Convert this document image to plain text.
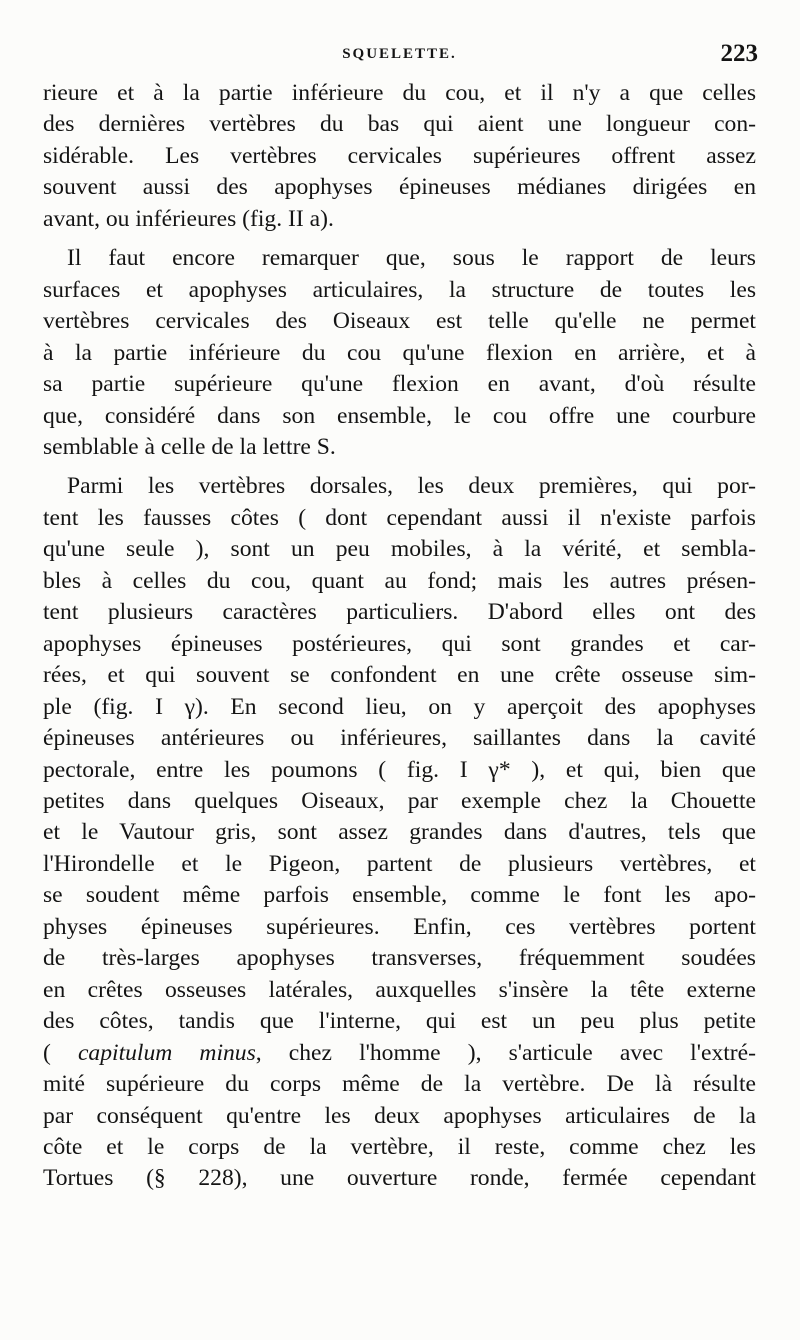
SQUELETTE.	223
rieure et à la partie inférieure du cou, et il n'y a que celles
des dernières vertèbres du bas qui aient une longueur con-
sidérable. Les vertèbres cervicales supérieures offrent assez
souvent aussi des apophyses épineuses médianes dirigées en
avant, ou inférieures (fig. II a).
Il faut encore remarquer que, sous le rapport de leurs
surfaces et apophyses articulaires, la structure de toutes les
vertèbres cervicales des Oiseaux est telle qu'elle ne permet
à la partie inférieure du cou qu'une flexion en arrière, et à
sa partie supérieure qu'une flexion en avant, d'où résulte
que, considéré dans son ensemble, le cou offre une courbure
semblable à celle de la lettre S.
Parmi les vertèbres dorsales, les deux premières, qui por-
tent les fausses côtes ( dont cependant aussi il n'existe parfois
qu'une seule ), sont un peu mobiles, à la vérité, et sembla-
bles à celles du cou, quant au fond; mais les autres présen-
tent plusieurs caractères particuliers. D'abord elles ont des
apophyses épineuses postérieures, qui sont grandes et car-
rées, et qui souvent se confondent en une crête osseuse sim-
ple (fig. I γ). En second lieu, on y aperçoit des apophyses
épineuses antérieures ou inférieures, saillantes dans la cavité
pectorale, entre les poumons ( fig. I γ* ), et qui, bien que
petites dans quelques Oiseaux, par exemple chez la Chouette
et le Vautour gris, sont assez grandes dans d'autres, tels que
l'Hirondelle et le Pigeon, partent de plusieurs vertèbres, et
se soudent même parfois ensemble, comme le font les apo-
physes épineuses supérieures. Enfin, ces vertèbres portent
de très-larges apophyses transverses, fréquemment soudées
en crêtes osseuses latérales, auxquelles s'insère la tête externe
des côtes, tandis que l'interne, qui est un peu plus petite
( capitulum minus, chez l'homme ), s'articule avec l'extré-
mité supérieure du corps même de la vertèbre. De là résulte
par conséquent qu'entre les deux apophyses articulaires de la
côte et le corps de la vertèbre, il reste, comme chez les
Tortues (§ 228), une ouverture ronde, fermée cependant
